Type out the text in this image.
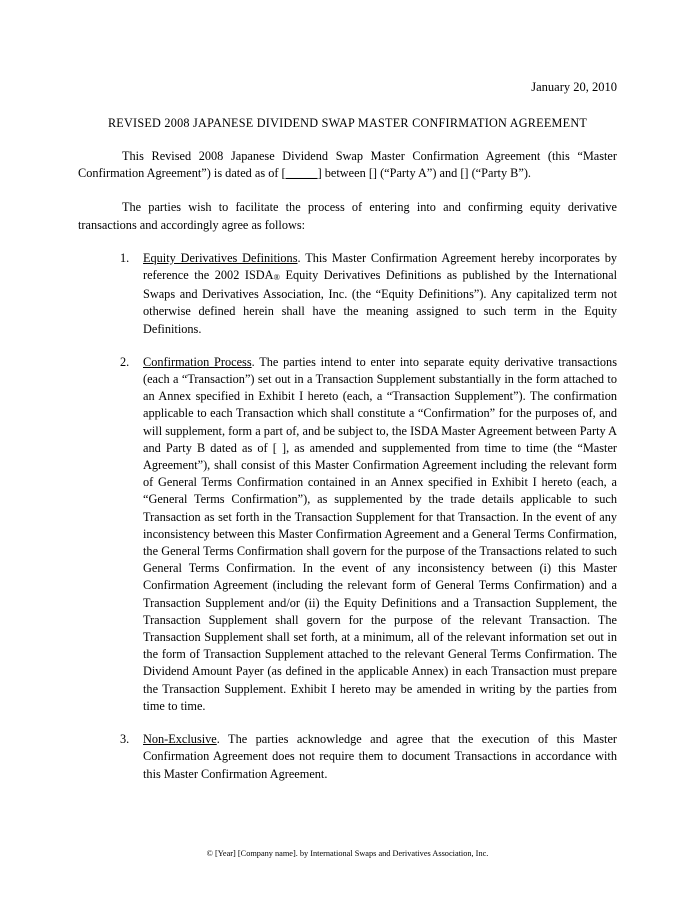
January 20, 2010
REVISED 2008 JAPANESE DIVIDEND SWAP MASTER CONFIRMATION AGREEMENT

This Revised 2008 Japanese Dividend Swap Master Confirmation Agreement (this “Master Confirmation Agreement”) is dated as of [_____] between [] (“Party A”) and [] (“Party B”).

The parties wish to facilitate the process of entering into and confirming equity derivative transactions and accordingly agree as follows:

1.	Equity Derivatives Definitions. This Master Confirmation Agreement hereby incorporates by reference the 2002 ISDA® Equity Derivatives Definitions as published by the International Swaps and Derivatives Association, Inc. (the “Equity Definitions”). Any capitalized term not otherwise defined herein shall have the meaning assigned to such term in the Equity Definitions.
2.	Confirmation Process. The parties intend to enter into separate equity derivative transactions (each a “Transaction”) set out in a Transaction Supplement substantially in the form attached to an Annex specified in Exhibit I hereto (each, a “Transaction Supplement”). The confirmation applicable to each Transaction which shall constitute a “Confirmation” for the purposes of, and will supplement, form a part of, and be subject to, the ISDA Master Agreement between Party A and Party B dated as of [ ], as amended and supplemented from time to time (the “Master Agreement”), shall consist of this Master Confirmation Agreement including the relevant form of General Terms Confirmation contained in an Annex specified in Exhibit I hereto (each, a “General Terms Confirmation”), as supplemented by the trade details applicable to such Transaction as set forth in the Transaction Supplement for that Transaction. In the event of any inconsistency between this Master Confirmation Agreement and a General Terms Confirmation, the General Terms Confirmation shall govern for the purpose of the Transactions related to such General Terms Confirmation. In the event of any inconsistency between (i) this Master Confirmation Agreement (including the relevant form of General Terms Confirmation) and a Transaction Supplement and/or (ii) the Equity Definitions and a Transaction Supplement, the Transaction Supplement shall govern for the purpose of the relevant Transaction. The Transaction Supplement shall set forth, at a minimum, all of the relevant information set out in the form of Transaction Supplement attached to the relevant General Terms Confirmation. The Dividend Amount Payer (as defined in the applicable Annex) in each Transaction must prepare the Transaction Supplement. Exhibit I hereto may be amended in writing by the parties from time to time.
3.	Non-Exclusive. The parties acknowledge and agree that the execution of this Master Confirmation Agreement does not require them to document Transactions in accordance with this Master Confirmation Agreement.
© [Year] [Company name]. by International Swaps and Derivatives Association, Inc.
